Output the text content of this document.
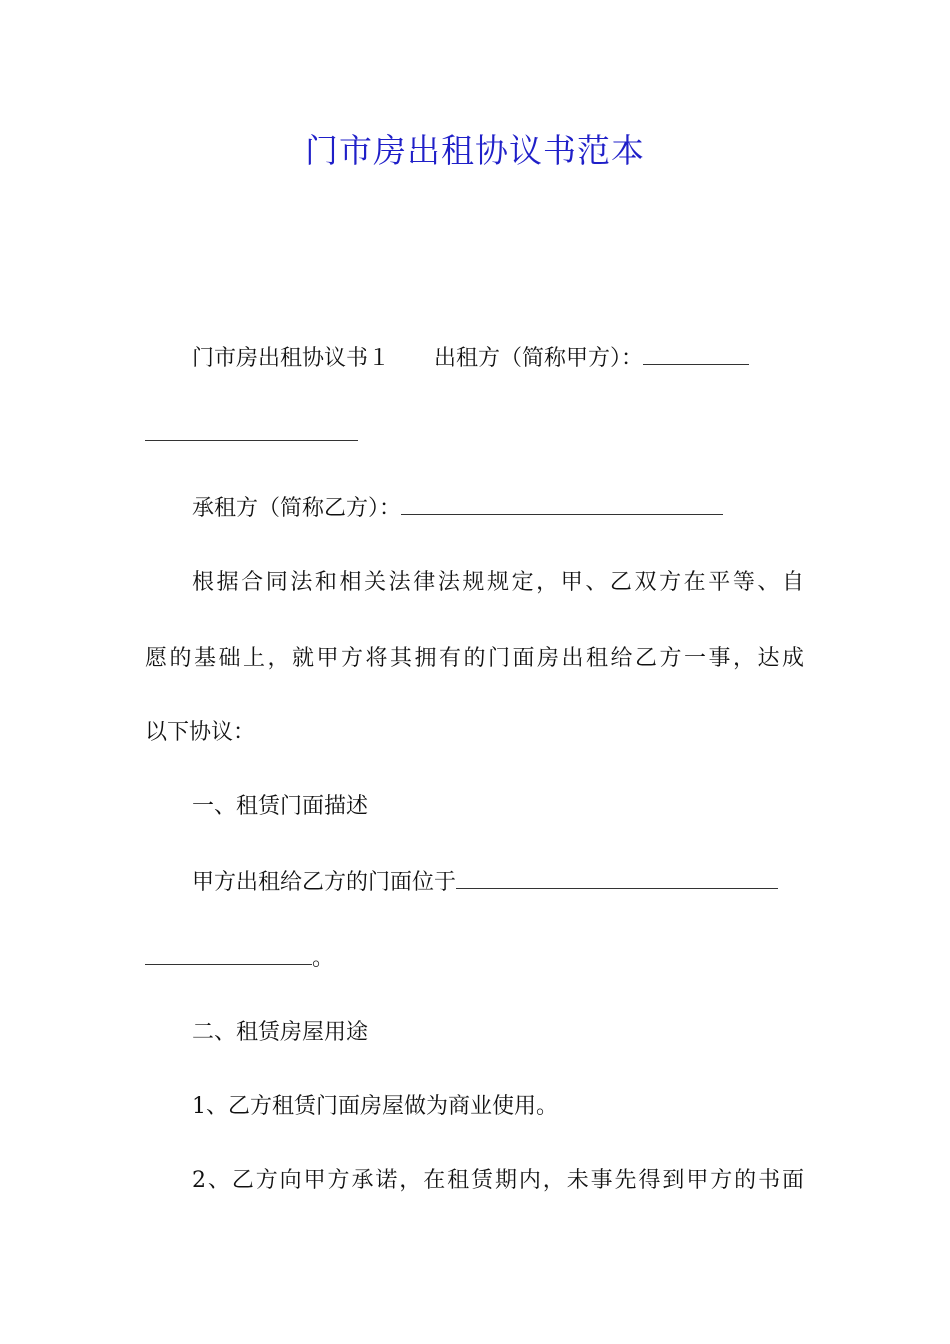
门市房出租协议书范本
门市房出租协议书１ 出租方（简称甲方）：
承租方（简称乙方）：
根据合同法和相关法律法规规定，甲、乙双方在平等、自
愿的基础上，就甲方将其拥有的门面房出租给乙方一事，达成
以下协议：
一、租赁门面描述
甲方出租给乙方的门面位于
。
二、租赁房屋用途
1、乙方租赁门面房屋做为商业使用。
2、乙方向甲方承诺，在租赁期内，未事先得到甲方的书面
